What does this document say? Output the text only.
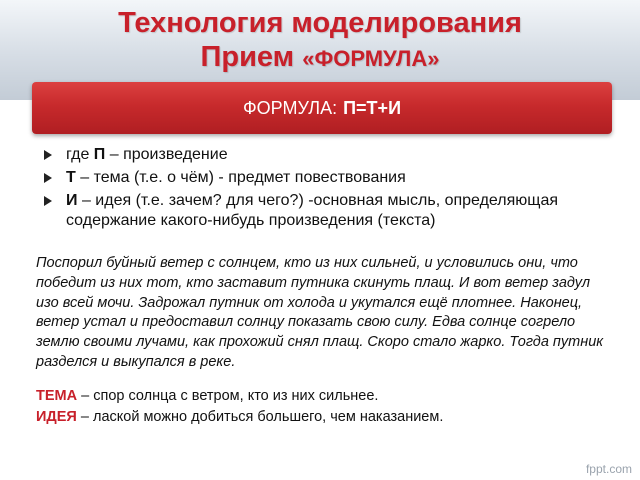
Технология моделирования
Прием «ФОРМУЛА»
ФОРМУЛА: П=Т+И
где П – произведение
Т – тема (т.е. о чём) - предмет повествования
И – идея (т.е. зачем? для чего?) -основная мысль, определяющая содержание какого-нибудь произведения (текста)
Поспорил буйный ветер с солнцем, кто из них сильней, и условились они, что победит из них тот, кто заставит путника скинуть плащ. И вот ветер задул изо всей мочи. Задрожал путник от холода и укутался ещё плотнее. Наконец, ветер устал и предоставил солнцу показать свою силу. Едва солнце согрело землю своими лучами, как прохожий снял плащ. Скоро стало жарко. Тогда путник разделся и выкупался в реке.
ТЕМА – спор солнца с ветром, кто из них сильнее.
ИДЕЯ – лаской можно добиться большего, чем наказанием.
fppt.com
